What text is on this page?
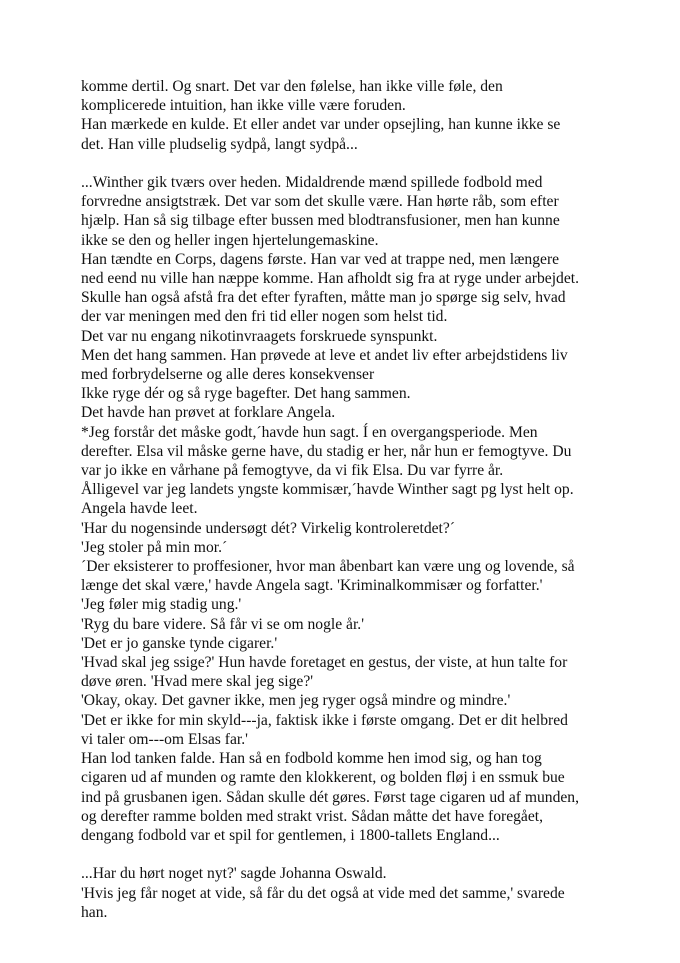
komme dertil. Og snart. Det var den følelse, han ikke ville føle, den
komplicerede intuition, han ikke ville være foruden.

Han mærkede en kulde. Et eller andet var under opsejling, han kunne ikke se
det. Han ville pludselig sydpå, langt sydpå...

...Winther gik tværs over heden. Midaldrende mænd spillede fodbold med
forvredne ansigtstræk. Det var som det skulle være. Han hørte råb, som efter
hjælp. Han så sig tilbage efter bussen med blodtransfusioner, men han kunne
ikke se den og heller ingen hjertelungemaskine.

Han tændte en Corps, dagens første. Han var ved at trappe ned, men længere
ned eend nu ville han næppe komme. Han afholdt sig fra at ryge under arbejdet.
Skulle han også afstå fra det efter fyraften, måtte man jo spørge sig selv, hvad
der var meningen med den fri tid eller nogen som helst tid.

Det var nu engang nikotinvraagets forskruede synspunkt.

Men det hang sammen. Han prøvede at leve et andet liv efter arbejdstidens liv
med forbrydelserne og alle deres konsekvenser

Ikke ryge dér og så ryge bagefter. Det hang sammen.

Det havde han prøvet at forklare Angela.

*Jeg forstår det måske godt,´havde hun sagt. Í en overgangsperiode. Men
derefter. Elsa vil måske gerne have, du stadig er her, når hun er femogtyve. Du
var jo ikke en vårhane på femogtyve, da vi fik Elsa. Du var fyrre år.

Ålligevel var jeg landets yngste kommisær,´havde Winther sagt pg lyst helt op.

Angela havde leet.

'Har du nogensinde undersøgt dét? Virkelig kontroleretdet?´

'Jeg stoler på min mor.´

´Der eksisterer to proffesioner, hvor man åbenbart kan være ung og lovende, så
længe det skal være,' havde Angela sagt. 'Kriminalkommisær og forfatter.'

'Jeg føler mig stadig ung.'

'Ryg du bare videre. Så får vi se om nogle år.'

'Det er jo ganske tynde cigarer.'

'Hvad skal jeg ssige?' Hun havde foretaget en gestus, der viste, at hun talte for
døve øren. 'Hvad mere skal jeg sige?'

'Okay, okay. Det gavner ikke, men jeg ryger også mindre og mindre.'

'Det er ikke for min skyld---ja, faktisk ikke i første omgang. Det er dit helbred
vi taler om---om Elsas far.'

Han lod tanken falde. Han så en fodbold komme hen imod sig, og han tog
cigaren ud af munden og ramte den klokkerent, og bolden fløj i en ssmuk bue
ind på grusbanen igen. Sådan skulle dét gøres. Først tage cigaren ud af munden,
og derefter ramme bolden med strakt vrist. Sådan måtte det have foregået,
dengang fodbold var et spil for gentlemen, i 1800-tallets England...

...Har du hørt noget nyt?' sagde Johanna Oswald.

'Hvis jeg får noget at vide, så får du det også at vide med det samme,' svarede
han.
